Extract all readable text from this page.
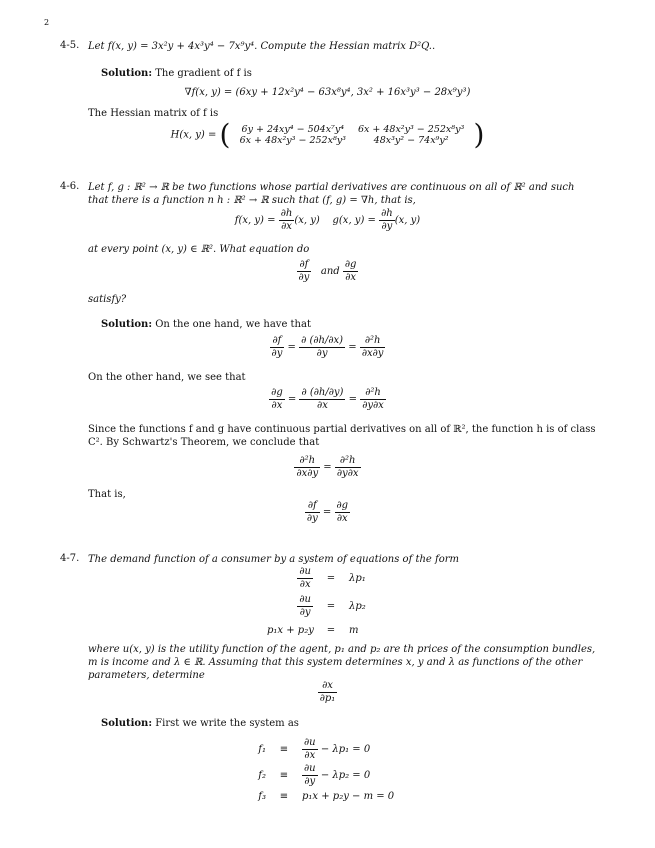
2
4-5. Let f(x, y) = 3x²y + 4x³y⁴ − 7x⁹y⁴. Compute the Hessian matrix D²Q..
Solution: The gradient of f is
∇f(x, y) = (6xy + 12x²y⁴ − 63x⁸y⁴, 3x² + 16x³y³ − 28x⁹y³)
The Hessian matrix of f is
H(x, y) = ( 6y + 24xy⁴ − 504x⁷y⁴	6x + 48x²y³ − 252x⁸y³
6x + 48x²y³ − 252x⁸y³	48x³y² − 74x⁹y² )
4-6. Let f, g : ℝ² → ℝ be two functions whose partial derivatives are continuous on all of ℝ² and such that there is a function n h : ℝ² → ℝ such that (f, g) = ∇h, that is,
f(x, $y) = \frac{\partial h}{\partial x} (x$, y) g(x, $y) = \frac{\partial h}{\partial y} (x$, y)
at every point (x, y) ∈ ℝ². What equation do
$\frac{\partial f}{\partial y}$ and $\frac{\partial g}{\partial x}$
satisfy?
Solution: On the one hand, we have that
$\frac{\partial f}{\partial y} = \frac{\partial (\partial h/\partial x)}{\partial y} = \frac{\text{∂²h}}{\partial x\partial y}$
On the other hand, we see that
$\frac{\partial g}{\partial x} = \frac{\partial (\partial h/\partial y)}{\partial x} = \frac{\text{∂²h}}{\partial y\partial x}$
Since the functions f and g have continuous partial derivatives on all of ℝ², the function h is of class C². By Schwartz's Theorem, we conclude that
$\frac{\text{∂²h}}{\partial x\partial y} = \frac{\text{∂²h}}{\partial y\partial x}$
That is,
$\frac{\partial f}{\partial y} = \frac{\partial g}{\partial x}$
4-7. The demand function of a consumer by a system of equations of the form
$\frac{\partial u}{\partial x} = \lambda p_1$
$\frac{\partial u}{\partial y} = \lambda p_2$
p₁x + p₂y = m
where u(x, y) is the utility function of the agent, p₁ and p₂ are th prices of the consumption bundles, m is income and λ ∈ ℝ. Assuming that this system determines x, y and λ as functions of the other parameters, determine
$\frac{\partial x}{\text{∂p₁}}$
Solution: First we write the system as
$f_1 \equiv \frac{\partial u}{\partial x} - \lambda p_1 = 0$
$f_2 \equiv \frac{\partial u}{\partial y} - \lambda p_2 = 0$
f₃ ≡ p₁x + p₂y − m = 0
